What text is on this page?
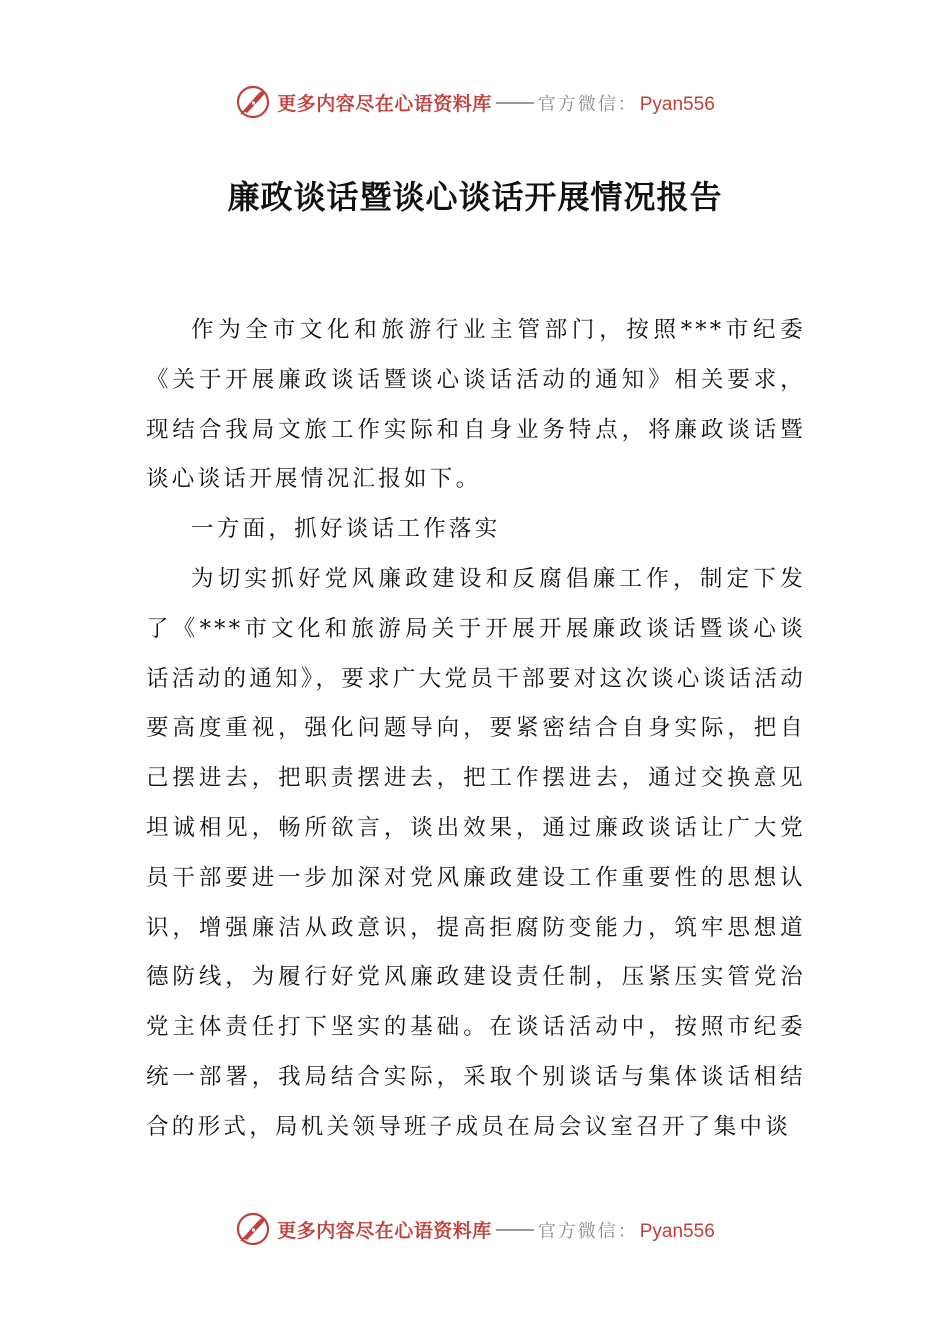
更多内容尽在心语资料库	官方微信： Pyan556
廉政谈话暨谈心谈话开展情况报告

作为全市文化和旅游行业主管部门，按照***市纪委《关于开展廉政谈话暨谈心谈话活动的通知》相关要求，现结合我局文旅工作实际和自身业务特点，将廉政谈话暨谈心谈话开展情况汇报如下。

一方面，抓好谈话工作落实

为切实抓好党风廉政建设和反腐倡廉工作，制定下发了《***市文化和旅游局关于开展开展廉政谈话暨谈心谈话活动的通知》，要求广大党员干部要对这次谈心谈话活动要高度重视，强化问题导向，要紧密结合自身实际，把自己摆进去，把职责摆进去，把工作摆进去，通过交换意见坦诚相见，畅所欲言，谈出效果，通过廉政谈话让广大党员干部要进一步加深对党风廉政建设工作重要性的思想认识，增强廉洁从政意识，提高拒腐防变能力，筑牢思想道德防线，为履行好党风廉政建设责任制，压紧压实管党治党主体责任打下坚实的基础。在谈话活动中，按照市纪委统一部署，我局结合实际，采取个别谈话与集体谈话相结合的形式，局机关领导班子成员在局会议室召开了集中谈

更多内容尽在心语资料库	官方微信： Pyan556
